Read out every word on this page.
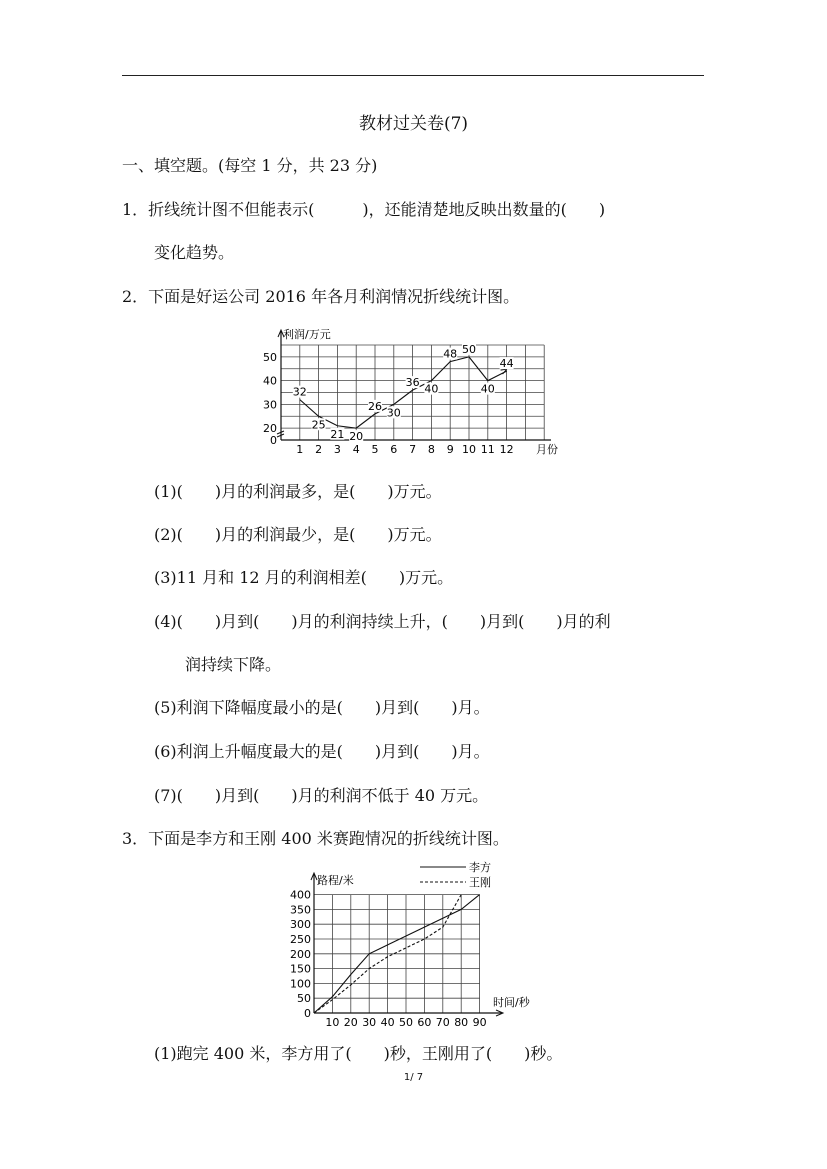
教材过关卷(7)
一、填空题。(每空 1 分，共 23 分)
1．折线统计图不但能表示(　　　)，还能清楚地反映出数量的(　　)
变化趋势。
2．下面是好运公司 2016 年各月利润情况折线统计图。
利润/万元
月份
0
20
30
40
50
1 2 3 4 5 6 7 8 9 10 11 12
32
25
21 20
26 30
36 40
48 50
40
44
(1)(　　)月的利润最多，是(　　)万元。
(2)(　　)月的利润最少，是(　　)万元。
(3)11 月和 12 月的利润相差(　　)万元。
(4)(　　)月到(　　)月的利润持续上升，(　　)月到(　　)月的利
润持续下降。
(5)利润下降幅度最小的是(　　)月到(　　)月。
(6)利润上升幅度最大的是(　　)月到(　　)月。
(7)(　　)月到(　　)月的利润不低于 40 万元。
3．下面是李方和王刚 400 米赛跑情况的折线统计图。
路程/米
时间/秒
0
50
100
150
200
250
300
350
400
10 20 30 40 50 60 70 80 90
李方
王刚
(1)跑完 400 米，李方用了(　　)秒，王刚用了(　　)秒。
1/ 7
